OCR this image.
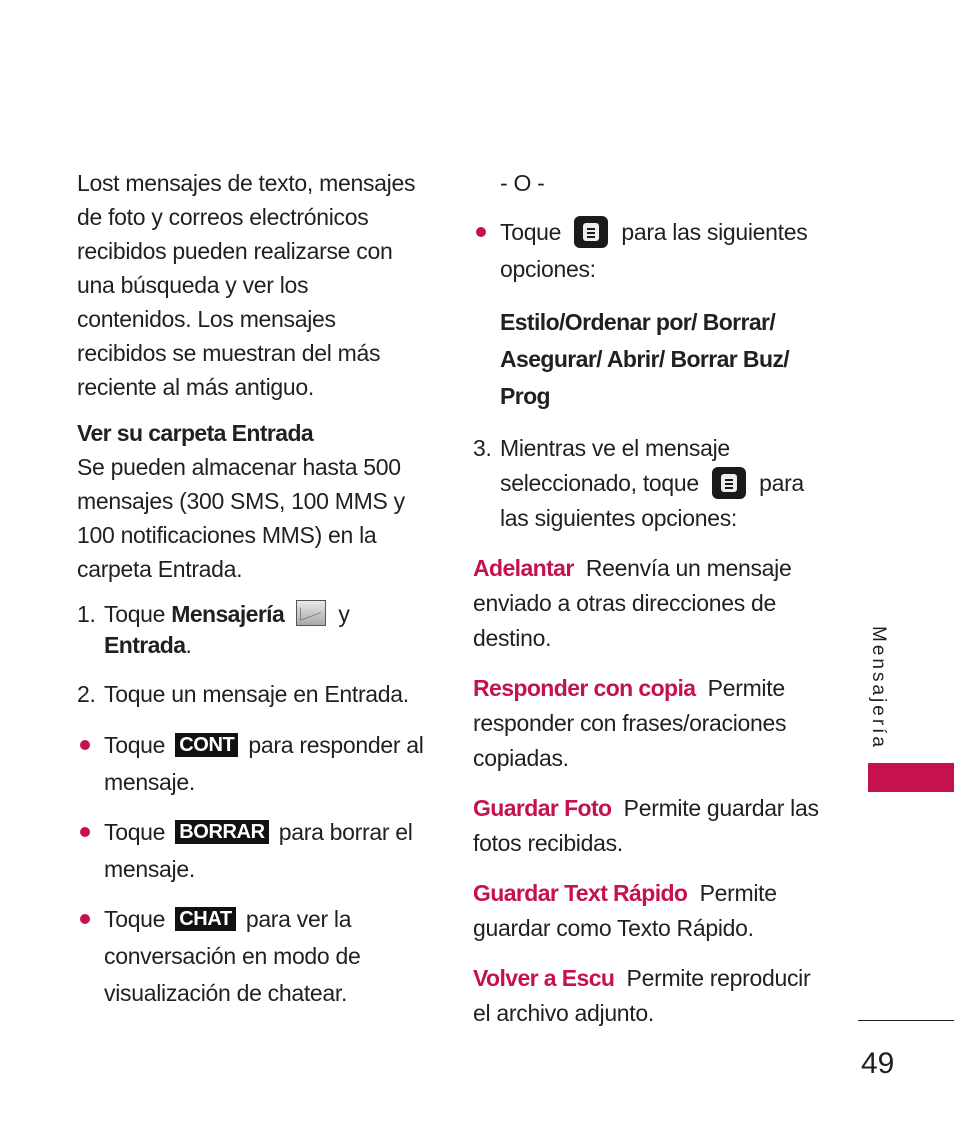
Lost mensajes de texto, mensajes de foto y correos electrónicos recibidos pueden realizarse con una búsqueda y ver los contenidos. Los mensajes recibidos se muestran del más reciente al más antiguo.

Ver su carpeta Entrada
Se pueden almacenar hasta 500 mensajes (300 SMS, 100 MMS y 100 notificaciones MMS) en la carpeta Entrada.

1. Toque Mensajería y
Entrada.

2. Toque un mensaje en Entrada.

Toque CONT para responder al mensaje.

Toque BORRAR para borrar el mensaje.

Toque CHAT para ver la conversación en modo de visualización de chatear.

- O -

Toque	para las siguientes opciones:

Estilo/Ordenar por/ Borrar/ Asegurar/ Abrir/ Borrar Buz/ Prog

3. Mientras ve el mensaje seleccionado, toque	para las siguientes opciones:

Adelantar Reenvía un mensaje enviado a otras direcciones de destino.

Responder con copia Permite responder con frases/oraciones copiadas.

Guardar Foto Permite guardar las fotos recibidas.

Guardar Text Rápido Permite guardar como Texto Rápido.

Volver a Escu Permite reproducir el archivo adjunto.

Mensajería
49
